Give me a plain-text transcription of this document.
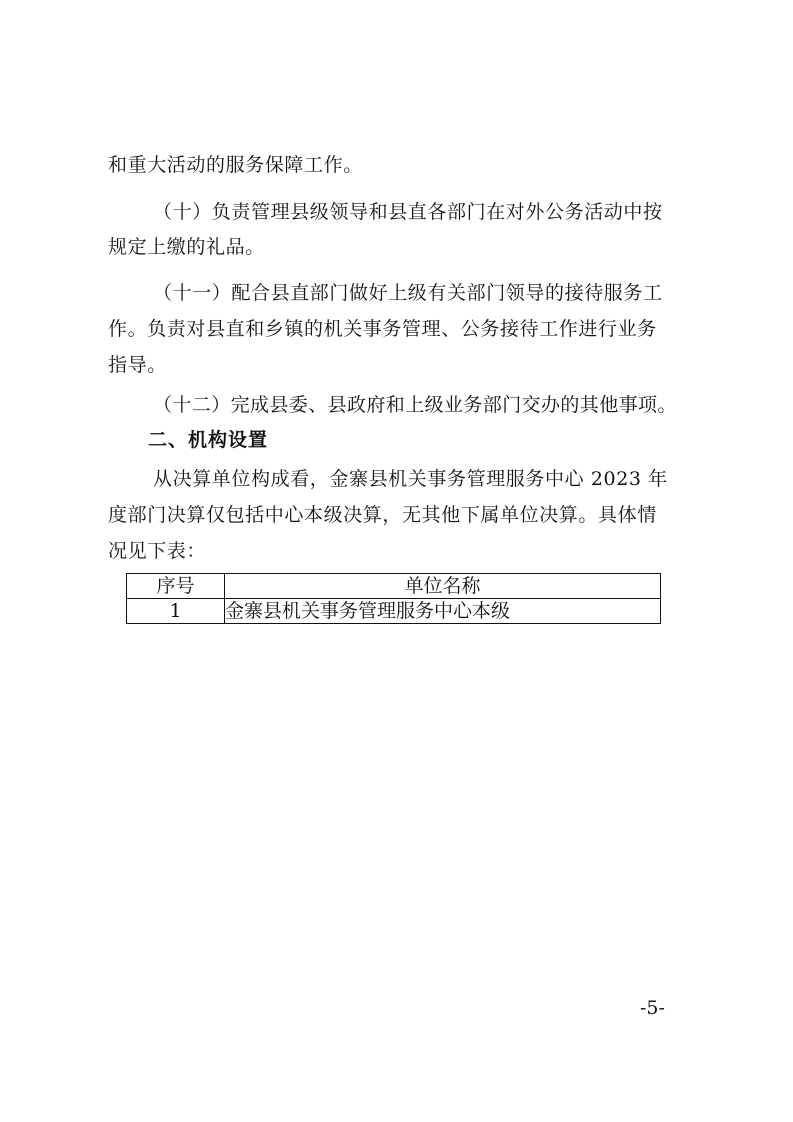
和重大活动的服务保障工作。
（十）负责管理县级领导和县直各部门在对外公务活动中按
规定上缴的礼品。
（十一）配合县直部门做好上级有关部门领导的接待服务工
作。负责对县直和乡镇的机关事务管理、公务接待工作进行业务
指导。
（十二）完成县委、县政府和上级业务部门交办的其他事项。
二、机构设置
从决算单位构成看，金寨县机关事务管理服务中心 2023 年
度部门决算仅包括中心本级决算，无其他下属单位决算。具体情
况见下表：
序号	单位名称
1	金寨县机关事务管理服务中心本级
-5-
